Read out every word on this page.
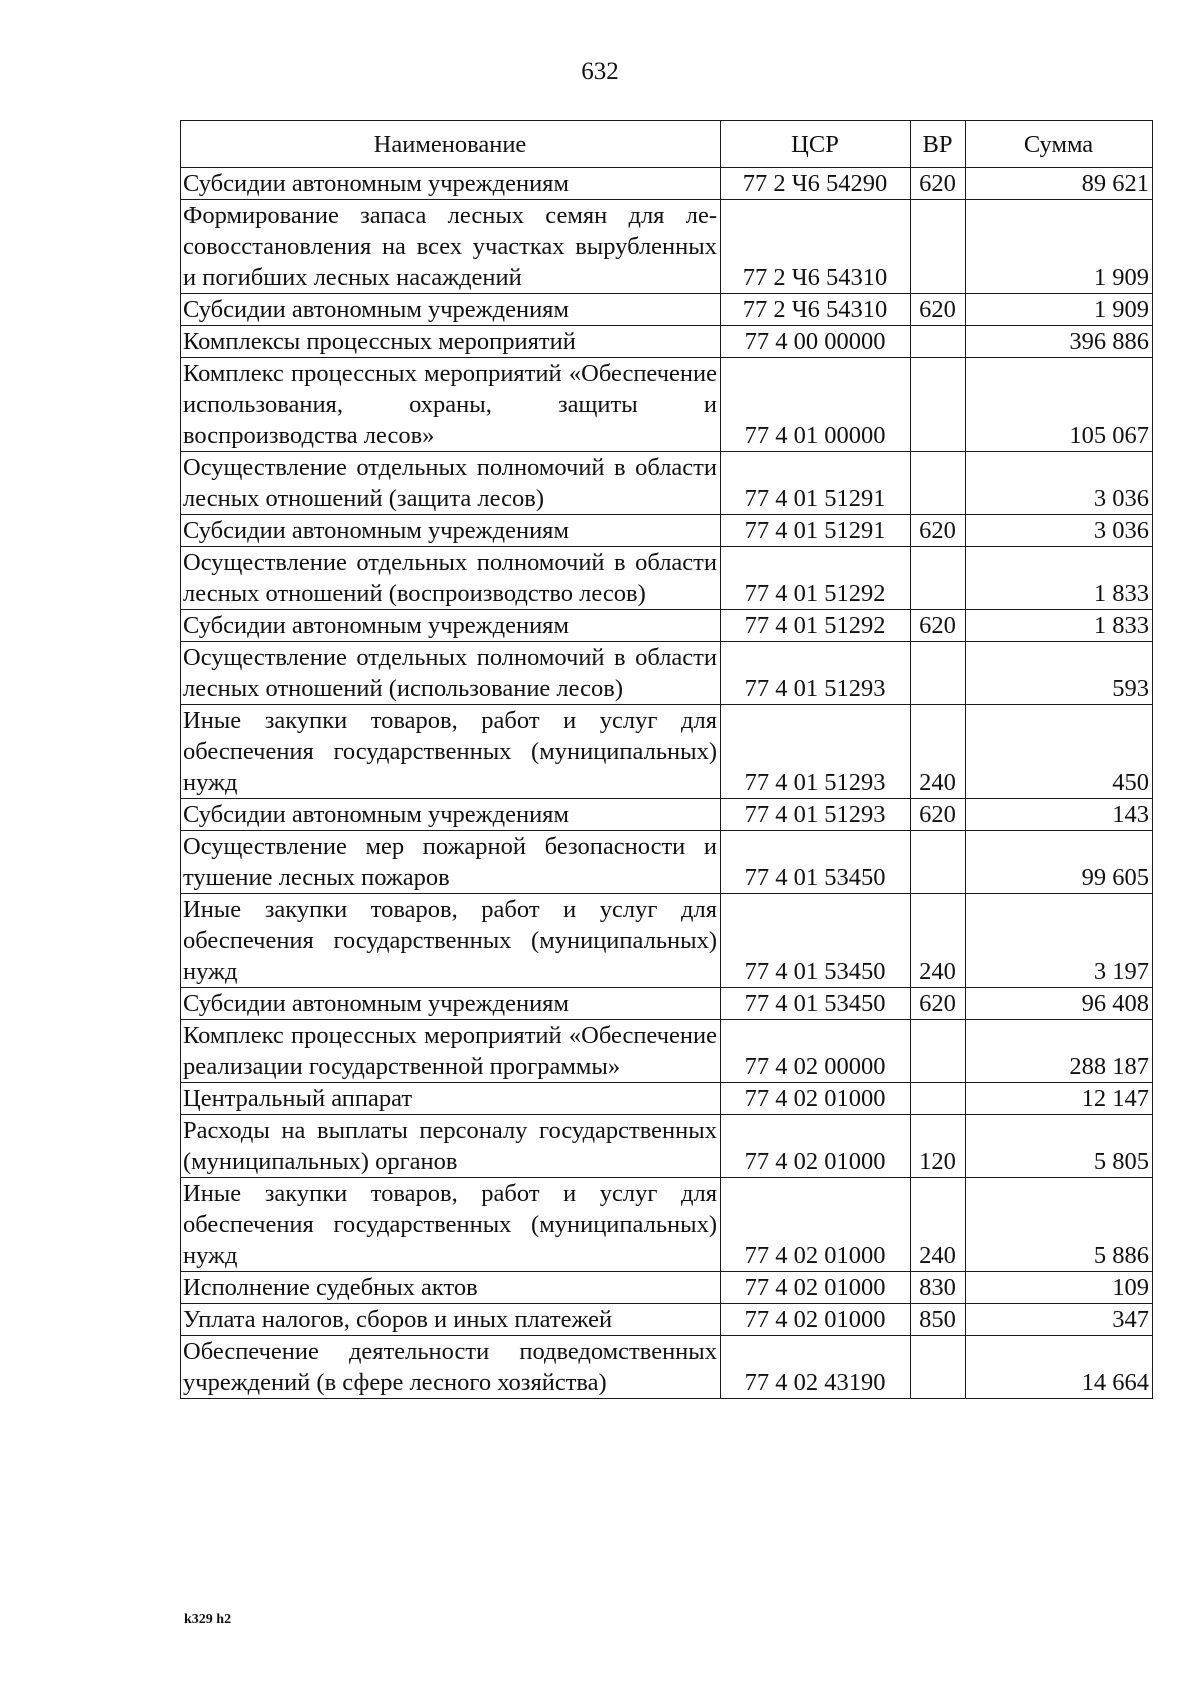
632
Наименование	ЦСР	ВР	Сумма
Субсидии автономным учреждениям	77 2 Ч6 54290	620	89 621
Формирование запаса лесных семян для лесовосстановления на всех участках вырубленных и погибших лесных насаждений	77 2 Ч6 54310		1 909
Субсидии автономным учреждениям	77 2 Ч6 54310	620	1 909
Комплексы процессных мероприятий	77 4 00 00000		396 886
Комплекс процессных мероприятий «Обеспечение использования, охраны, защиты и воспроизводства лесов»	77 4 01 00000		105 067
Осуществление отдельных полномочий в области лесных отношений (защита лесов)	77 4 01 51291		3 036
Субсидии автономным учреждениям	77 4 01 51291	620	3 036
Осуществление отдельных полномочий в области лесных отношений (воспроизводство лесов)	77 4 01 51292		1 833
Субсидии автономным учреждениям	77 4 01 51292	620	1 833
Осуществление отдельных полномочий в области лесных отношений (использование лесов)	77 4 01 51293		593
Иные закупки товаров, работ и услуг для обеспечения государственных (муниципальных) нужд	77 4 01 51293	240	450
Субсидии автономным учреждениям	77 4 01 51293	620	143
Осуществление мер пожарной безопасности и тушение лесных пожаров	77 4 01 53450		99 605
Иные закупки товаров, работ и услуг для обеспечения государственных (муниципальных) нужд	77 4 01 53450	240	3 197
Субсидии автономным учреждениям	77 4 01 53450	620	96 408
Комплекс процессных мероприятий «Обеспечение реализации государственной программы»	77 4 02 00000		288 187
Центральный аппарат	77 4 02 01000		12 147
Расходы на выплаты персоналу государственных (муниципальных) органов	77 4 02 01000	120	5 805
Иные закупки товаров, работ и услуг для обеспечения государственных (муниципальных) нужд	77 4 02 01000	240	5 886
Исполнение судебных актов	77 4 02 01000	830	109
Уплата налогов, сборов и иных платежей	77 4 02 01000	850	347
Обеспечение деятельности подведомственных учреждений (в сфере лесного хозяйства)	77 4 02 43190		14 664
k329 h2
